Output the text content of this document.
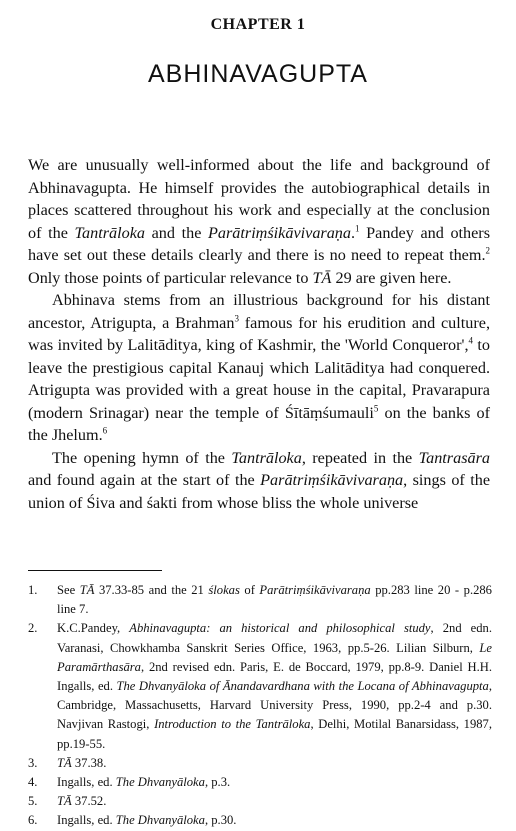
CHAPTER 1
ABHINAVAGUPTA

We are unusually well-informed about the life and background of Abhinavagupta. He himself provides the autobiographical details in places scattered throughout his work and especially at the conclusion of the Tantrāloka and the Parātriṃśikāvivaraṇa.$^1$ Pandey and others have set out these details clearly and there is no need to repeat them.$^2$ Only those points of particular relevance to TĀ 29 are given here.

Abhinava stems from an illustrious background for his distant ancestor, Atrigupta, a Brahman$^3$ famous for his erudition and culture, was invited by Lalitāditya, king of Kashmir, the 'World Conqueror',$^4$ to leave the prestigious capital Kanauj which Lalitāditya had conquered. Atrigupta was provided with a great house in the capital, Pravarapura (modern Srinagar) near the temple of Śītāṃśumauli$^5$ on the banks of the Jhelum.$^6$

The opening hymn of the Tantrāloka, repeated in the Tantrasāra and found again at the start of the Parātriṃśikāvivaraṇa, sings of the union of Śiva and śakti from whose bliss the whole universe

1.	See TĀ 37.33-85 and the 21 ślokas of Parātriṃśikāvivaraṇa pp.283 line 20 - p.286 line 7.
2.	K.C.Pandey, Abhinavagupta: an historical and philosophical study, 2nd edn. Varanasi, Chowkhamba Sanskrit Series Office, 1963, pp.5-26. Lilian Silburn, Le Paramārthasāra, 2nd revised edn. Paris, E. de Boccard, 1979, pp.8-9. Daniel H.H. Ingalls, ed. The Dhvanyāloka of Ānandavardhana with the Locana of Abhinavagupta, Cambridge, Massachusetts, Harvard University Press, 1990, pp.2-4 and p.30. Navjivan Rastogi, Introduction to the Tantrāloka, Delhi, Motilal Banarsidass, 1987, pp.19-55.
3.	TĀ 37.38.
4.	Ingalls, ed. The Dhvanyāloka, p.3.
5.	TĀ 37.52.
6.	Ingalls, ed. The Dhvanyāloka, p.30.
